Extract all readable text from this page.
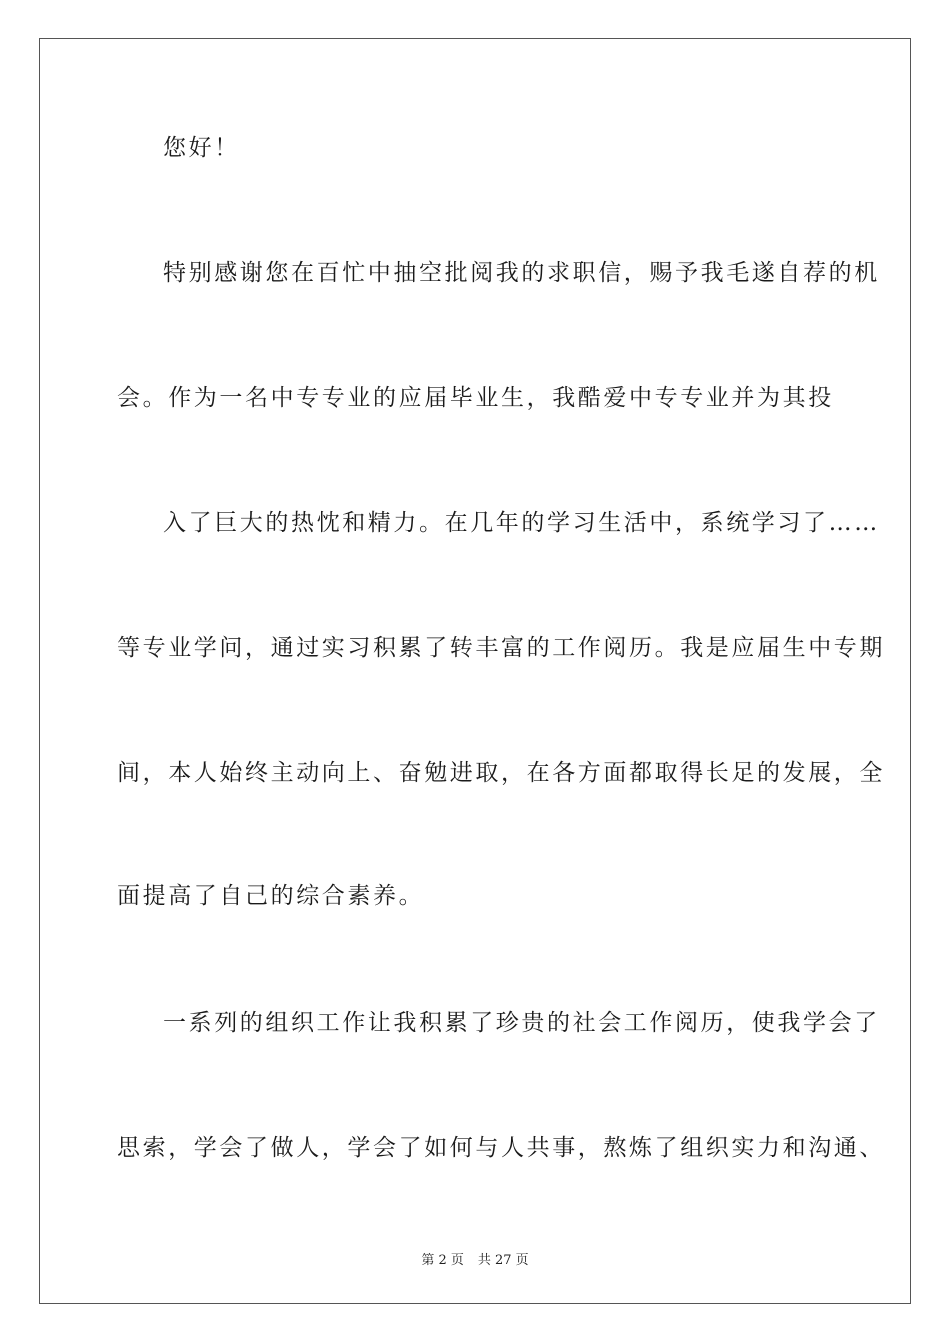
您好！
特别感谢您在百忙中抽空批阅我的求职信，赐予我毛遂自荐的机
会。作为一名中专专业的应届毕业生，我酷爱中专专业并为其投
入了巨大的热忱和精力。在几年的学习生活中，系统学习了……
等专业学问，通过实习积累了转丰富的工作阅历。我是应届生中专期
间，本人始终主动向上、奋勉进取，在各方面都取得长足的发展，全
面提高了自己的综合素养。
一系列的组织工作让我积累了珍贵的社会工作阅历，使我学会了
思索，学会了做人，学会了如何与人共事，熬炼了组织实力和沟通、
第 2 页 共 27 页
